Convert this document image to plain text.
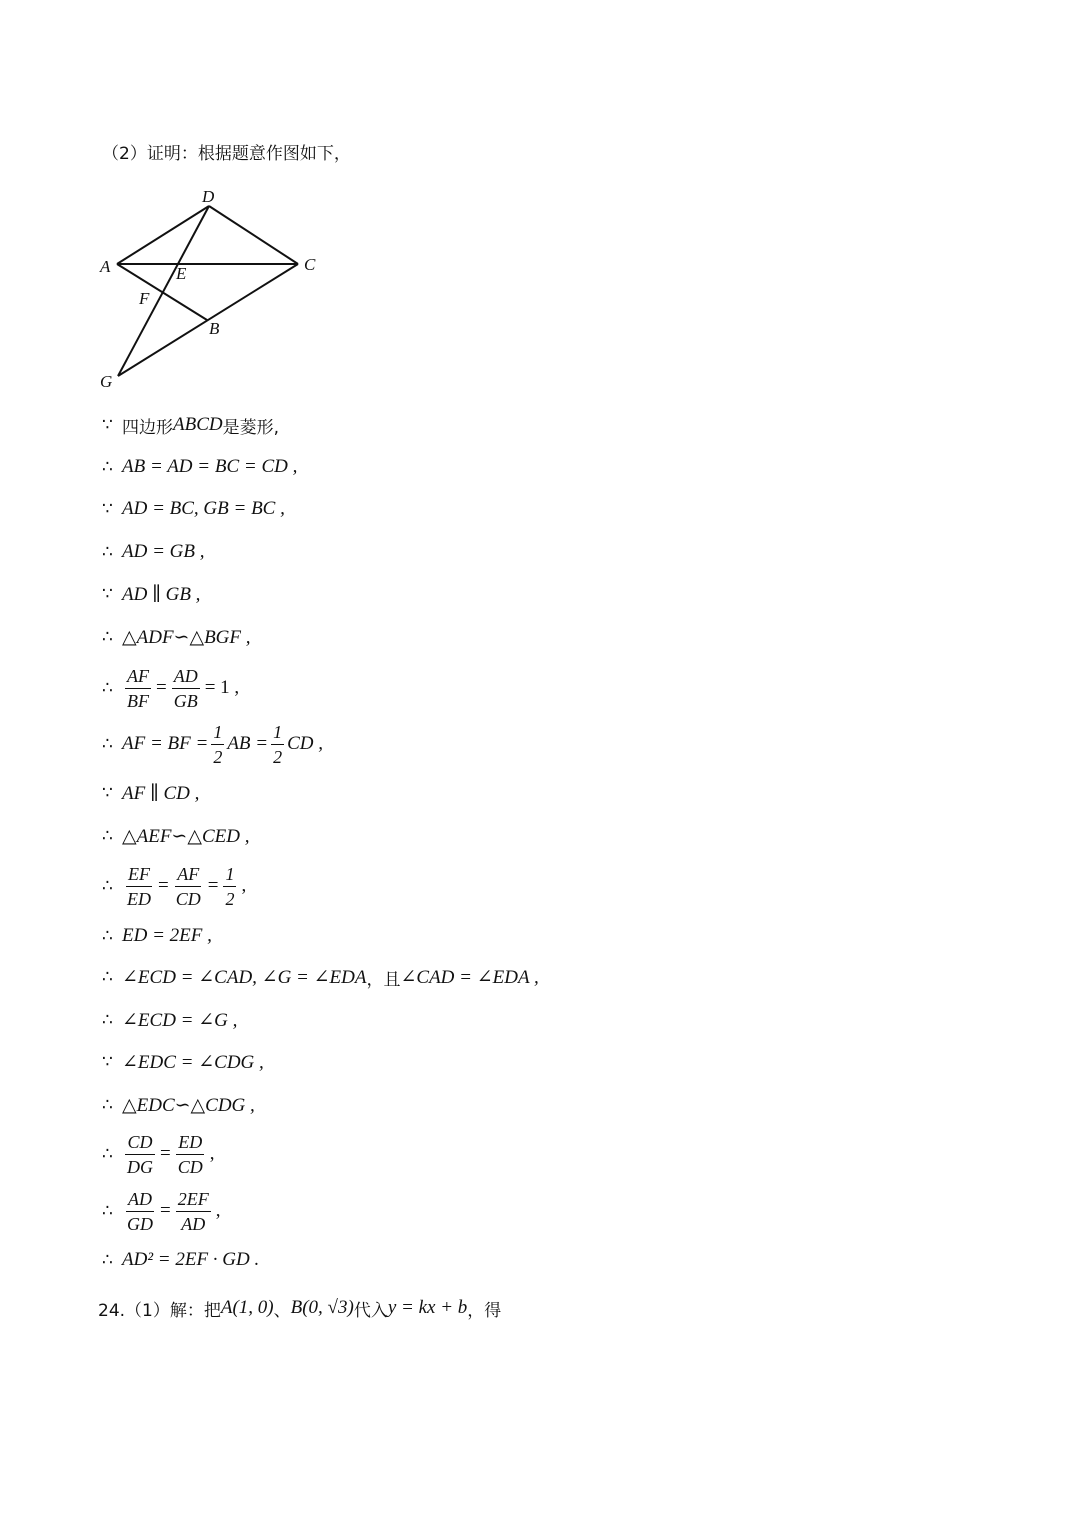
（2）证明：根据题意作图如下，
D
A	C
E
F
B
G
∵ 四边形 ABCD 是菱形,
∴ AB = AD = BC = CD ,
∵ AD = BC, GB = BC ,
∴ AD = GB ,
∵ AD ∥ GB ,
∴ △ADF∽△BGF ,
∴ $\frac{AF}{BF} = \frac{AD}{GB} = 1$ ,
∴ AF = BF = $\frac{1}{2}$ AB = $\frac{1}{2}$ CD ,
∵ AF ∥ CD ,
∴ △AEF∽△CED ,
∴ $\frac{EF}{ED} = \frac{AF}{CD} = \frac{1}{2}$ ,
∴ ED = 2EF ,
∴ ∠ECD = ∠CAD, ∠G = ∠EDA ，且 ∠CAD = ∠EDA ,
∴ ∠ECD = ∠G ,
∵ ∠EDC = ∠CDG ,
∴ △EDC∽△CDG ,
∴ $\frac{CD}{DG} = \frac{ED}{CD}$ ,
∴ $\frac{AD}{GD} = \frac{2EF}{AD}$ ,
∴ AD² = 2EF · GD .
24.（1）解：把 A(1, 0) 、 B(0, √3) 代入 y = kx + b ，得
